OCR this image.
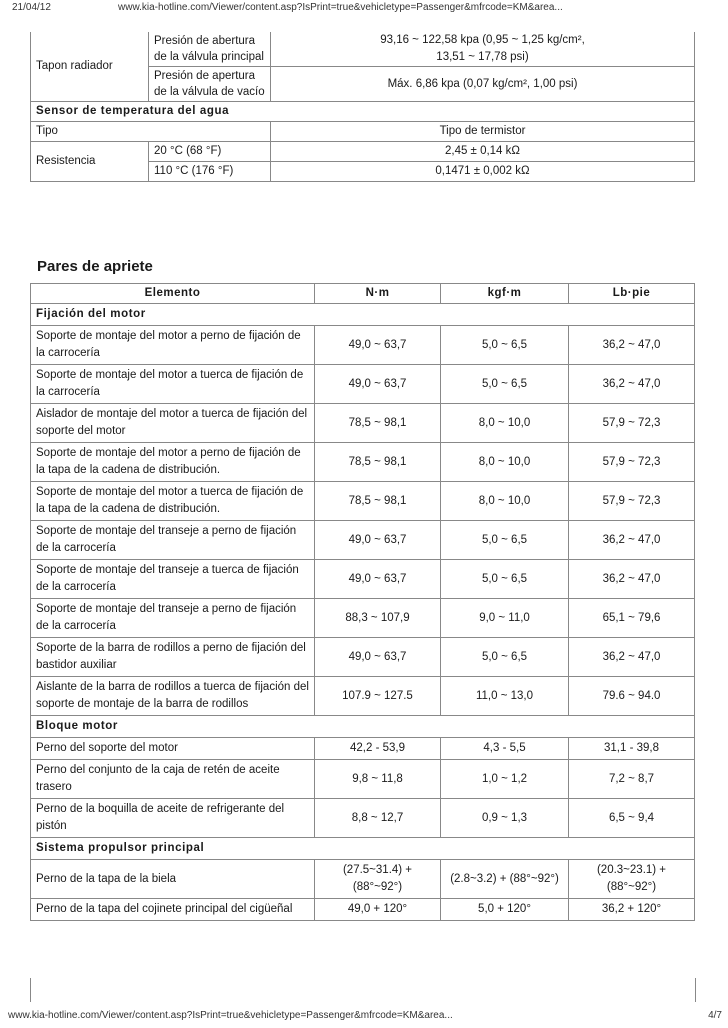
21/04/12	www.kia-hotline.com/Viewer/content.asp?IsPrint=true&vehicletype=Passenger&mfrcode=KM&area...
Tapon radiador	Presión de abertura de la válvula principal	93,16 ~ 122,58 kpa (0,95 ~ 1,25 kg/cm², 13,51 ~ 17,78 psi)
	Presión de apertura de la válvula de vacío	Máx. 6,86 kpa (0,07 kg/cm², 1,00 psi)
Sensor de temperatura del agua		
Tipo		Tipo de termistor
Resistencia	20 °C (68 °F)	2,45 ± 0,14 kΩ
	110 °C (176 °F)	0,1471 ± 0,002 kΩ
Pares de apriete
Elemento	N·m	kgf·m	Lb·pie
Fijación del motor			
Soporte de montaje del motor a perno de fijación de la carrocería	49,0 ~ 63,7	5,0 ~ 6,5	36,2 ~ 47,0
Soporte de montaje del motor a tuerca de fijación de la carrocería	49,0 ~ 63,7	5,0 ~ 6,5	36,2 ~ 47,0
Aislador de montaje del motor a tuerca de fijación del soporte del motor	78,5 ~ 98,1	8,0 ~ 10,0	57,9 ~ 72,3
Soporte de montaje del motor a perno de fijación de la tapa de la cadena de distribución.	78,5 ~ 98,1	8,0 ~ 10,0	57,9 ~ 72,3
Soporte de montaje del motor a tuerca de fijación de la tapa de la cadena de distribución.	78,5 ~ 98,1	8,0 ~ 10,0	57,9 ~ 72,3
Soporte de montaje del transeje a perno de fijación de la carrocería	49,0 ~ 63,7	5,0 ~ 6,5	36,2 ~ 47,0
Soporte de montaje del transeje a tuerca de fijación de la carrocería	49,0 ~ 63,7	5,0 ~ 6,5	36,2 ~ 47,0
Soporte de montaje del transeje a perno de fijación de la carrocería	88,3 ~ 107,9	9,0 ~ 11,0	65,1 ~ 79,6
Soporte de la barra de rodillos a perno de fijación del bastidor auxiliar	49,0 ~ 63,7	5,0 ~ 6,5	36,2 ~ 47,0
Aislante de la barra de rodillos a tuerca de fijación del soporte de montaje de la barra de rodillos	107.9 ~ 127.5	11,0 ~ 13,0	79.6 ~ 94.0
Bloque motor			
Perno del soporte del motor	42,2 - 53,9	4,3 - 5,5	31,1 - 39,8
Perno del conjunto de la caja de retén de aceite trasero	9,8 ~ 11,8	1,0 ~ 1,2	7,2 ~ 8,7
Perno de la boquilla de aceite de refrigerante del pistón	8,8 ~ 12,7	0,9 ~ 1,3	6,5 ~ 9,4
Sistema propulsor principal			
Perno de la tapa de la biela	(27.5~31.4) + (88°~92°)	(2.8~3.2) + (88°~92°)	(20.3~23.1) + (88°~92°)
Perno de la tapa del cojinete principal del cigüeñal	49,0 + 120°	5,0 + 120°	36,2 + 120°
www.kia-hotline.com/Viewer/content.asp?IsPrint=true&vehicletype=Passenger&mfrcode=KM&area...	4/7
